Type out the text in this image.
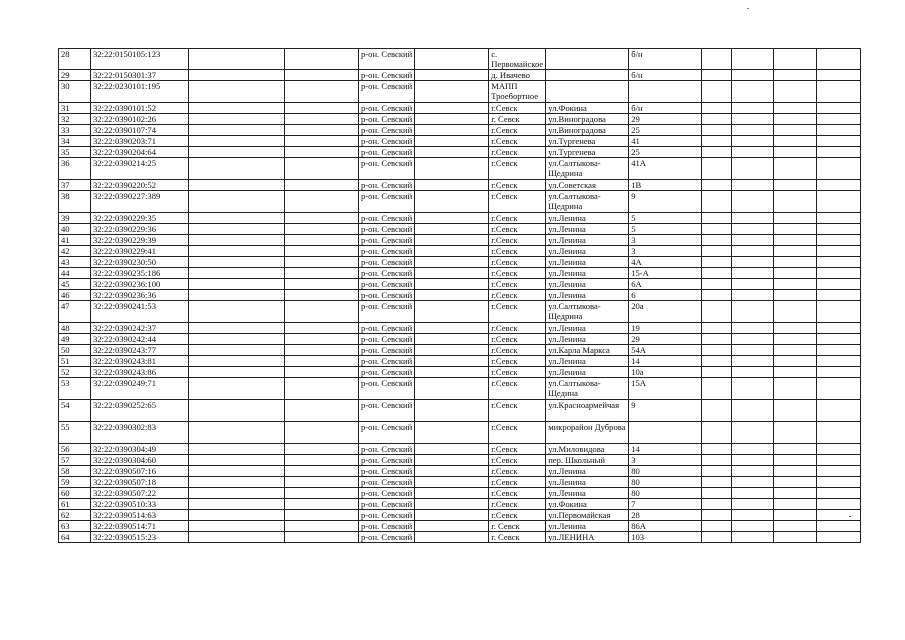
28	32:22:0150105:123			р-он. Севский		с. Первомайское		б/н				
29	32:22:0150301:37			р-он. Севский		д. Ивачево		б/н				
30	32:22:0230101:195			р-он. Севский		МАПП Троебортное						
31	32:22:0390101:52			р-он. Севский		г.Севск	ул.Фокина	б/н				
32	32:22:0390102:26			р-он. Севский		г. Севск	ул.Виноградова	29				
33	32:22:0390107:74			р-он. Севский		г.Севск	ул.Виноградова	25				
34	32:22:0390203:71			р-он. Севский		г.Севск	ул.Тургенева	41				
35	32:22:0390204:64			р-он. Севский		г.Севск	ул.Тургенева	25				
36	32:22:0390214:25			р-он. Севский		г.Севск	ул.Салтыкова-Щедрина	41А				
37	32:22:0390220:52			р-он. Севский		г.Севск	ул.Советская	1В				
38	32:22:0390227:389			р-он. Севский		г.Севск	ул.Салтыкова-Щедрина	9				
39	32:22:0390229:35			р-он. Севский		г.Севск	ул.Ленина	5				
40	32:22:0390229:36			р-он. Севский		г.Севск	ул.Ленина	5				
41	32:22:0390229:39			р-он. Севский		г.Севск	ул.Ленина	3				
42	32:22:0390229:41			р-он. Севский		г.Севск	ул.Ленина	3				
43	32:22:0390230:50			р-он. Севский		г.Севск	ул.Ленина	4А				
44	32:22:0390235:186			р-он. Севский		г.Севск	ул.Ленина	15-А				
45	32:22:0390236:100			р-он. Севский		г.Севск	ул.Ленина	6А				
46	32:22:0390236:36			р-он. Севский		г.Севск	ул.Ленина	6				
47	32:22:0390241:53			р-он. Севский		г.Севск	ул.Салтыкова-Щедрина	20а				
48	32:22:0390242:37			р-он. Севский		г.Севск	ул.Ленина	19				
49	32:22:0390242:44			р-он. Севский		г.Севск	ул.Ленина	29				
50	32:22:0390243:77			р-он. Севский		г.Севск	ул.Карла Маркса	54А				
51	32:22:0390243:81			р-он. Севский		г.Севск	ул.Ленина	14				
52	32:22:0390243:86			р-он. Севский		г.Севск	ул.Ленина	10а				
53	32:22:0390249:71			р-он. Севский		г.Севск	ул.Салтыкова-Щедина	15А				
54	32:22:0390252:65			р-он. Севский		г.Севск	ул.Красноармейчая	9				
55	32:22:0390302:83			р-он. Севский		г.Севск	микрорайон Дуброва					
56	32:22:0390304:49			р-он. Севский		г.Севск	ул.Миловидова	14				
57	32:22:0390304:60			р-он. Севский		г.Севск	пер. Школьный	3				
58	32:22:0390507:16			р-он. Севский		г.Севск	ул.Ленина	80				
59	32:22:0390507:18			р-он. Севский		г.Севск	ул.Ленина	80				
60	32:22:0390507:22			р-он. Севский		г.Севск	ул.Ленина	80				
61	32:22:0390510:33			р-он. Севский		г.Севск	ул.Фокина	7				
62	32:22:0390514:63			р-он. Севский		г.Севск	ул.Первомайская	28				
63	32:22:0390514:71			р-он. Севский		г. Севск	ул.Ленина	86А				
64	32:22:0390515:23			р-он. Севский		г. Севск	ул.ЛЕНИНА	103				
